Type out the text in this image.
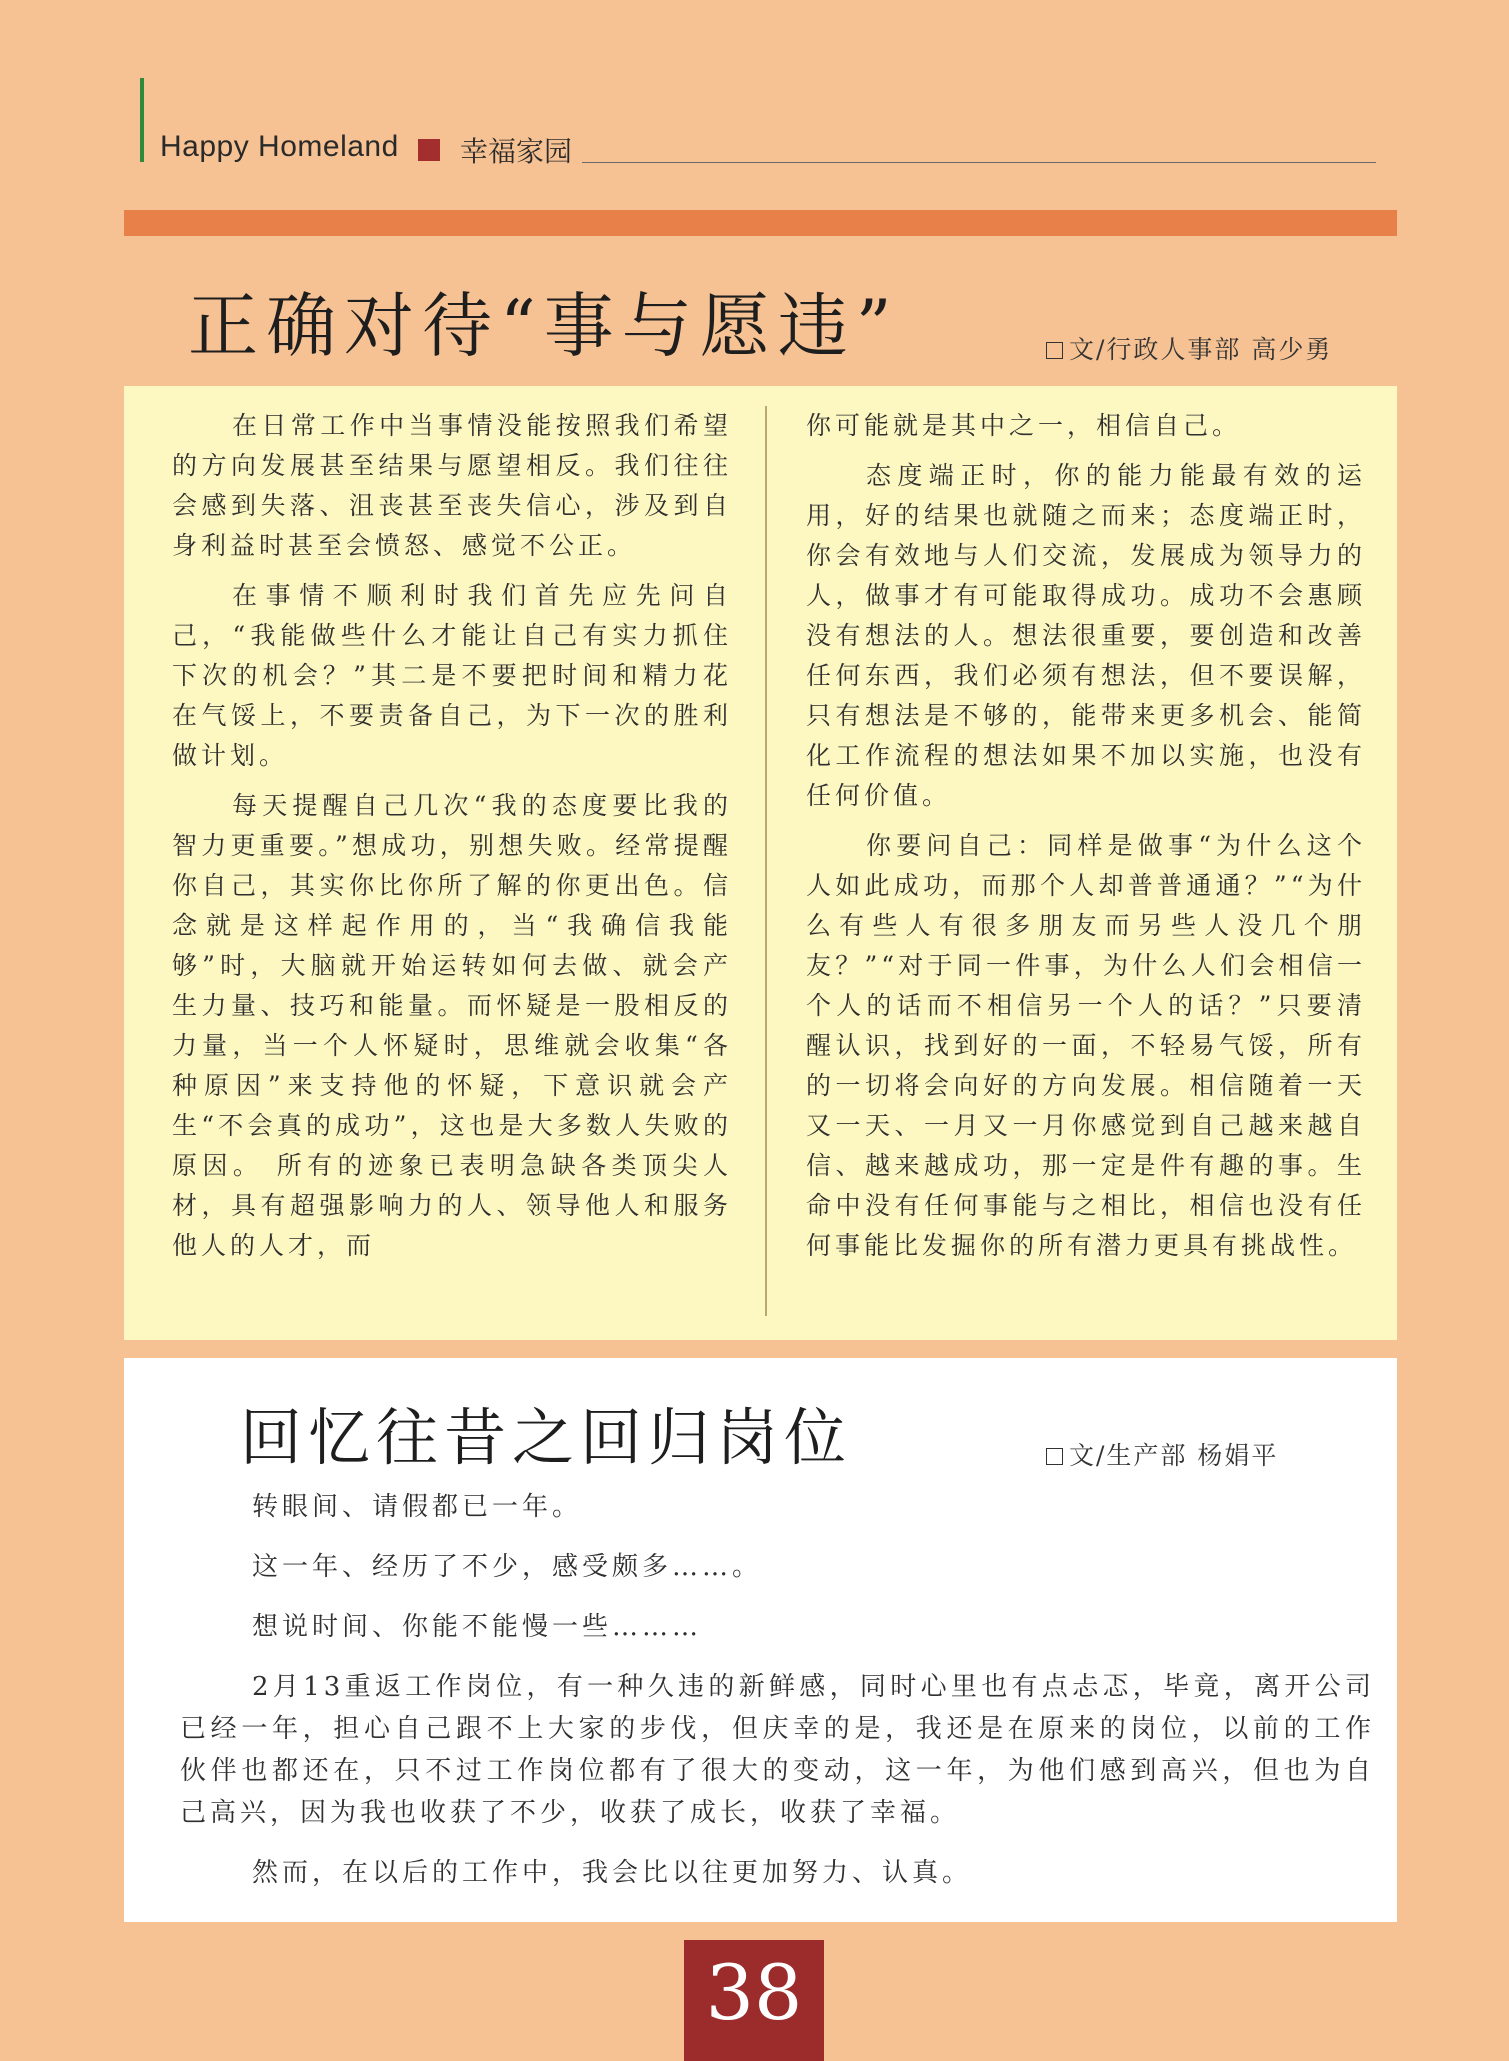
Happy Homeland 幸福家园
正确对待“事与愿违”	文/行政人事部 高少勇

在日常工作中当事情没能按照我们希望的方向发展甚至结果与愿望相反。我们往往会感到失落、沮丧甚至丧失信心，涉及到自身利益时甚至会愤怒、感觉不公正。

在事情不顺利时我们首先应先问自己，“我能做些什么才能让自己有实力抓住下次的机会？”其二是不要把时间和精力花在气馁上，不要责备自己，为下一次的胜利做计划。

每天提醒自己几次“我的态度要比我的智力更重要。”想成功，别想失败。经常提醒你自己，其实你比你所了解的你更出色。信念就是这样起作用的，当“我确信我能够”时，大脑就开始运转如何去做、就会产生力量、技巧和能量。而怀疑是一股相反的力量，当一个人怀疑时，思维就会收集“各种原因”来支持他的怀疑，下意识就会产生“不会真的成功”，这也是大多数人失败的原因。 所有的迹象已表明急缺各类顶尖人材，具有超强影响力的人、领导他人和服务他人的人才，而

你可能就是其中之一，相信自己。

态度端正时，你的能力能最有效的运用，好的结果也就随之而来；态度端正时，你会有效地与人们交流，发展成为领导力的人，做事才有可能取得成功。成功不会惠顾没有想法的人。想法很重要，要创造和改善任何东西，我们必须有想法，但不要误解，只有想法是不够的，能带来更多机会、能简化工作流程的想法如果不加以实施，也没有任何价值。

你要问自己：同样是做事“为什么这个人如此成功，而那个人却普普通通？”“为什么有些人有很多朋友而另些人没几个朋友？”“对于同一件事，为什么人们会相信一个人的话而不相信另一个人的话？”只要清醒认识，找到好的一面，不轻易气馁，所有的一切将会向好的方向发展。相信随着一天又一天、一月又一月你感觉到自己越来越自信、越来越成功，那一定是件有趣的事。生命中没有任何事能与之相比，相信也没有任何事能比发掘你的所有潜力更具有挑战性。

回忆往昔之回归岗位	文/生产部 杨娟平

转眼间、请假都已一年。

这一年、经历了不少，感受颇多……。

想说时间、你能不能慢一些………

2月13重返工作岗位，有一种久违的新鲜感，同时心里也有点忐忑，毕竟，离开公司已经一年，担心自己跟不上大家的步伐，但庆幸的是，我还是在原来的岗位，以前的工作伙伴也都还在，只不过工作岗位都有了很大的变动，这一年，为他们感到高兴，但也为自己高兴，因为我也收获了不少，收获了成长，收获了幸福。

然而，在以后的工作中，我会比以往更加努力、认真。

38
